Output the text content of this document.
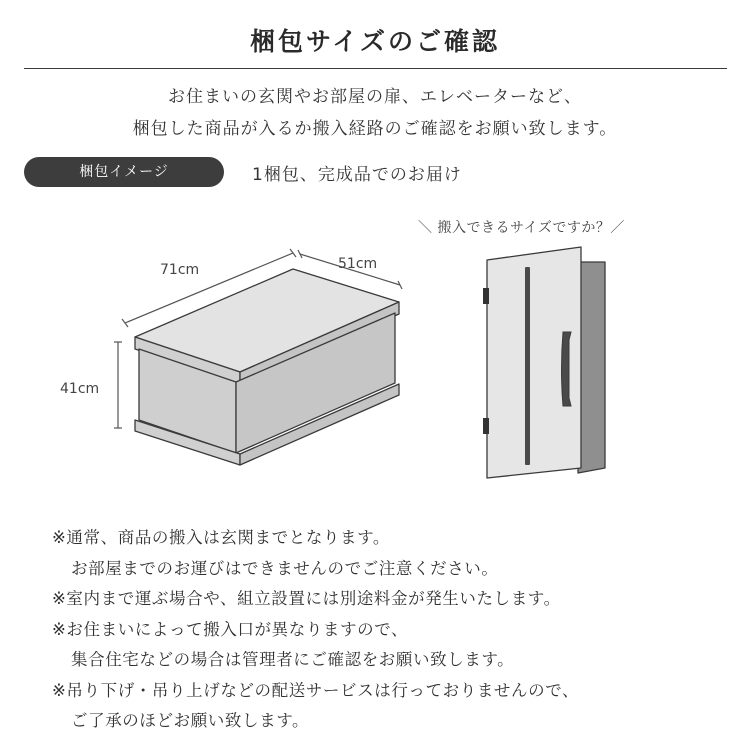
梱包サイズのご確認
お住まいの玄関やお部屋の扉、エレベーターなど、
梱包した商品が入るか搬入経路のご確認をお願い致します。
梱包イメージ	1梱包、完成品でのお届け
71cm	51cm
41cm
＼ 搬入できるサイズですか？／
※通常、商品の搬入は玄関までとなります。
お部屋までのお運びはできませんのでご注意ください。
※室内まで運ぶ場合や、組立設置には別途料金が発生いたします。
※お住まいによって搬入口が異なりますので、
集合住宅などの場合は管理者にご確認をお願い致します。
※吊り下げ・吊り上げなどの配送サービスは行っておりませんので、
ご了承のほどお願い致します。
